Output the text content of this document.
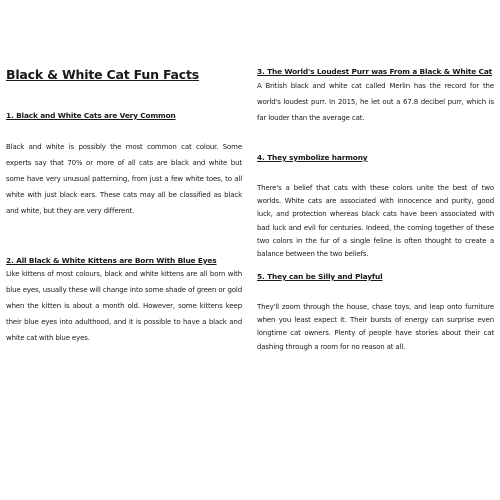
Black & White Cat Fun Facts
1. Black and White Cats are Very Common
Black and white is possibly the most common cat colour. Some experts say that 70% or more of all cats are black and white but some have very unusual patterning, from just a few white toes, to all white with just black ears. These cats may all be classified as black and white, but they are very different.
2. All Black & White Kittens are Born With Blue Eyes
Like kittens of most colours, black and white kittens are all born with blue eyes, usually these will change into some shade of green or gold when the kitten is about a month old. However, some kittens keep their blue eyes into adulthood, and it is possible to have a black and white cat with blue eyes.
3. The World's Loudest Purr was From a Black & White Cat
A British black and white cat called Merlin has the record for the world's loudest purr. In 2015, he let out a 67.8 decibel purr, which is far louder than the average cat.
4. They symbolize harmony
There's a belief that cats with these colors unite the best of two worlds. White cats are associated with innocence and purity, good luck, and protection whereas black cats have been associated with bad luck and evil for centuries. Indeed, the coming together of these two colors in the fur of a single feline is often thought to create a balance between the two beliefs.
5. They can be Silly and Playful
They'll zoom through the house, chase toys, and leap onto furniture when you least expect it. Their bursts of energy can surprise even longtime cat owners. Plenty of people have stories about their cat dashing through a room for no reason at all.
